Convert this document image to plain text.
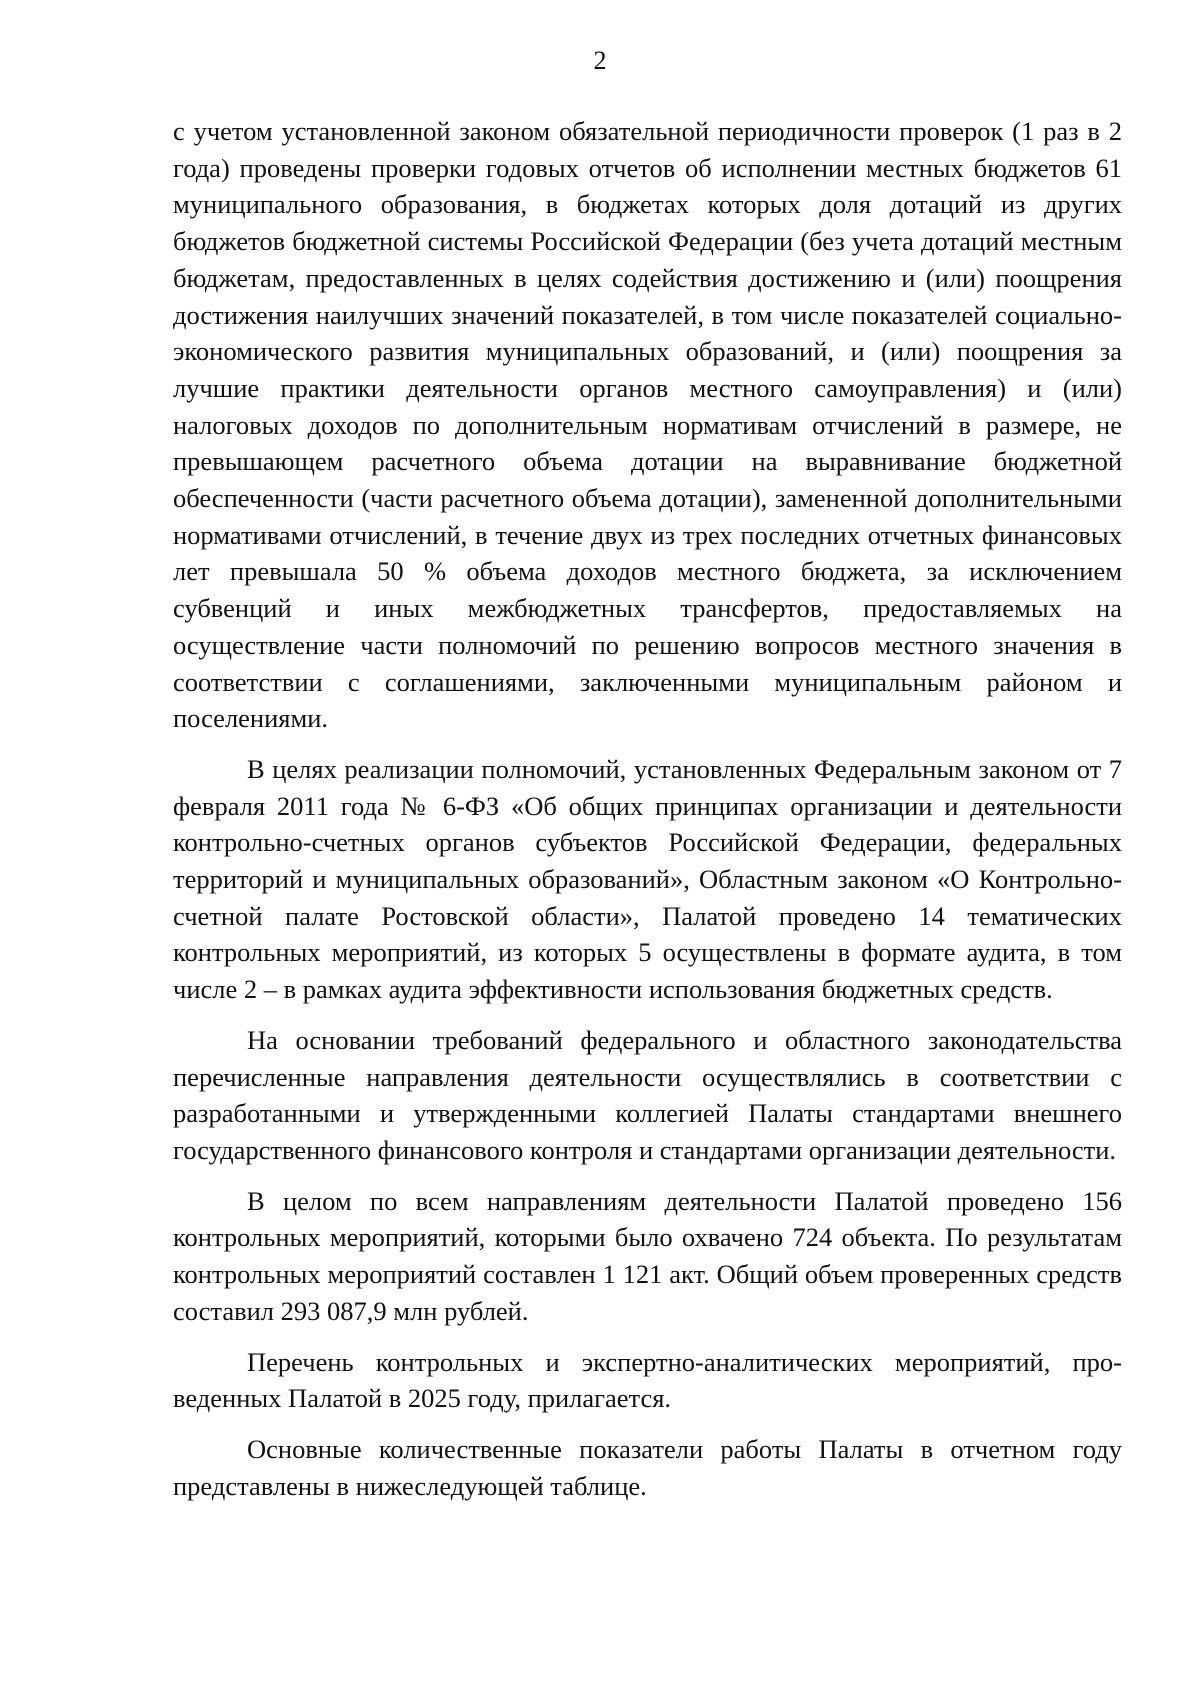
2

с учетом установленной законом обязательной периодичности проверок (1 раз в 2 года) проведены проверки годовых отчетов об исполнении местных бюджетов 61 муниципального образования, в бюджетах которых доля дотаций из других бюджетов бюджетной системы Российской Федерации (без учета дотаций местным бюджетам, предоставленных в целях содействия достижению и (или) поощрения достижения наилучших значений показателей, в том числе показателей социально-экономического развития муниципальных образований, и (или) поощрения за лучшие практики деятельности органов местного самоуправления) и (или) налоговых доходов по дополнительным нормативам отчислений в размере, не превышающем расчетного объема дотации на выравнивание бюджетной обеспеченности (части расчетного объема дотации), замененной дополнительными нормативами отчислений, в течение двух из трех последних отчетных финансовых лет превышала 50 % объема доходов местного бюджета, за исключением субвенций и иных межбюджетных трансфертов, предоставляемых на осуществление части полномочий по решению вопросов местного значения в соответствии с соглашениями, заключенными муниципальным районом и поселениями.

В целях реализации полномочий, установленных Федеральным законом от 7 февраля 2011 года № 6-ФЗ «Об общих принципах организации и деятельности контрольно-счетных органов субъектов Российской Федерации, федеральных территорий и муниципальных образований», Областным законом «О Контрольно-счетной палате Ростовской области», Палатой проведено 14 тематических контрольных мероприятий, из которых 5 осуществлены в формате аудита, в том числе 2 – в рамках аудита эффективности использования бюджетных средств.

На основании требований федерального и областного законодательства перечисленные направления деятельности осуществлялись в соответствии с разработанными и утвержденными коллегией Палаты стандартами внешнего государственного финансового контроля и стандартами организации деятельности.

В целом по всем направлениям деятельности Палатой проведено 156 контрольных мероприятий, которыми было охвачено 724 объекта. По результатам контрольных мероприятий составлен 1 121 акт. Общий объем проверенных средств составил 293 087,9 млн рублей.

Перечень контрольных и экспертно-аналитических мероприятий, проведенных Палатой в 2025 году, прилагается.

Основные количественные показатели работы Палаты в отчетном году представлены в нижеследующей таблице.
